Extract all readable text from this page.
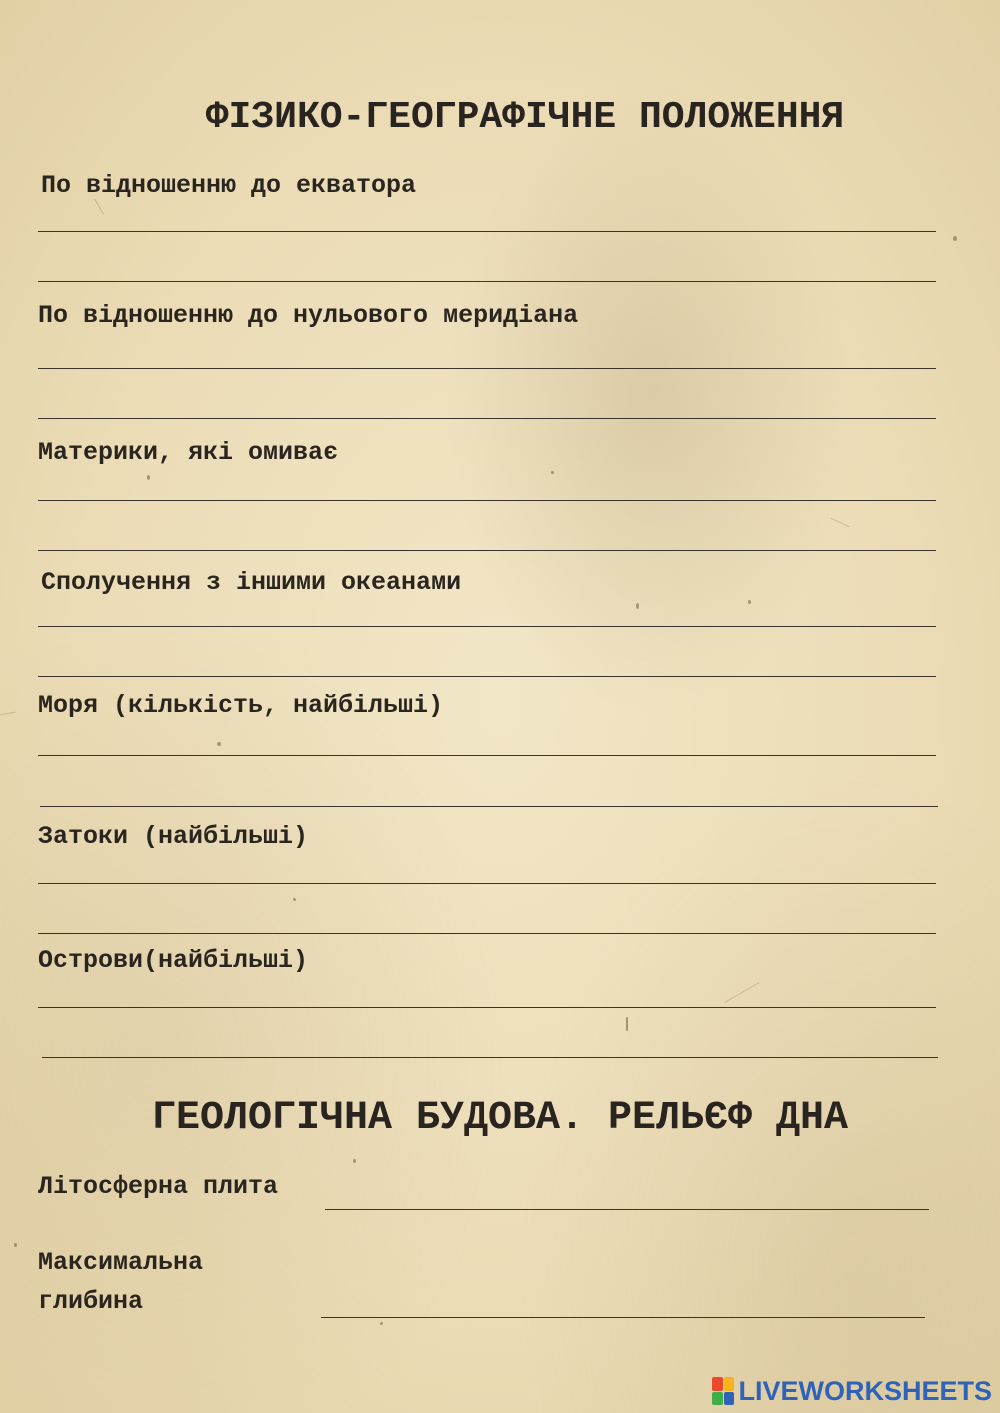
ФІЗИКО-ГЕОГРАФІЧНЕ ПОЛОЖЕННЯ
По відношенню до екватора
По відношенню до нульового меридіана
Материки, які омиває
Сполучення з іншими океанами
Моря (кількість, найбільші)
Затоки (найбільші)
Острови(найбільші)
ГЕОЛОГІЧНА БУДОВА. РЕЛЬЄФ ДНА
Літосферна плита
Максимальна
глибина
LIVEWORKSHEETS
